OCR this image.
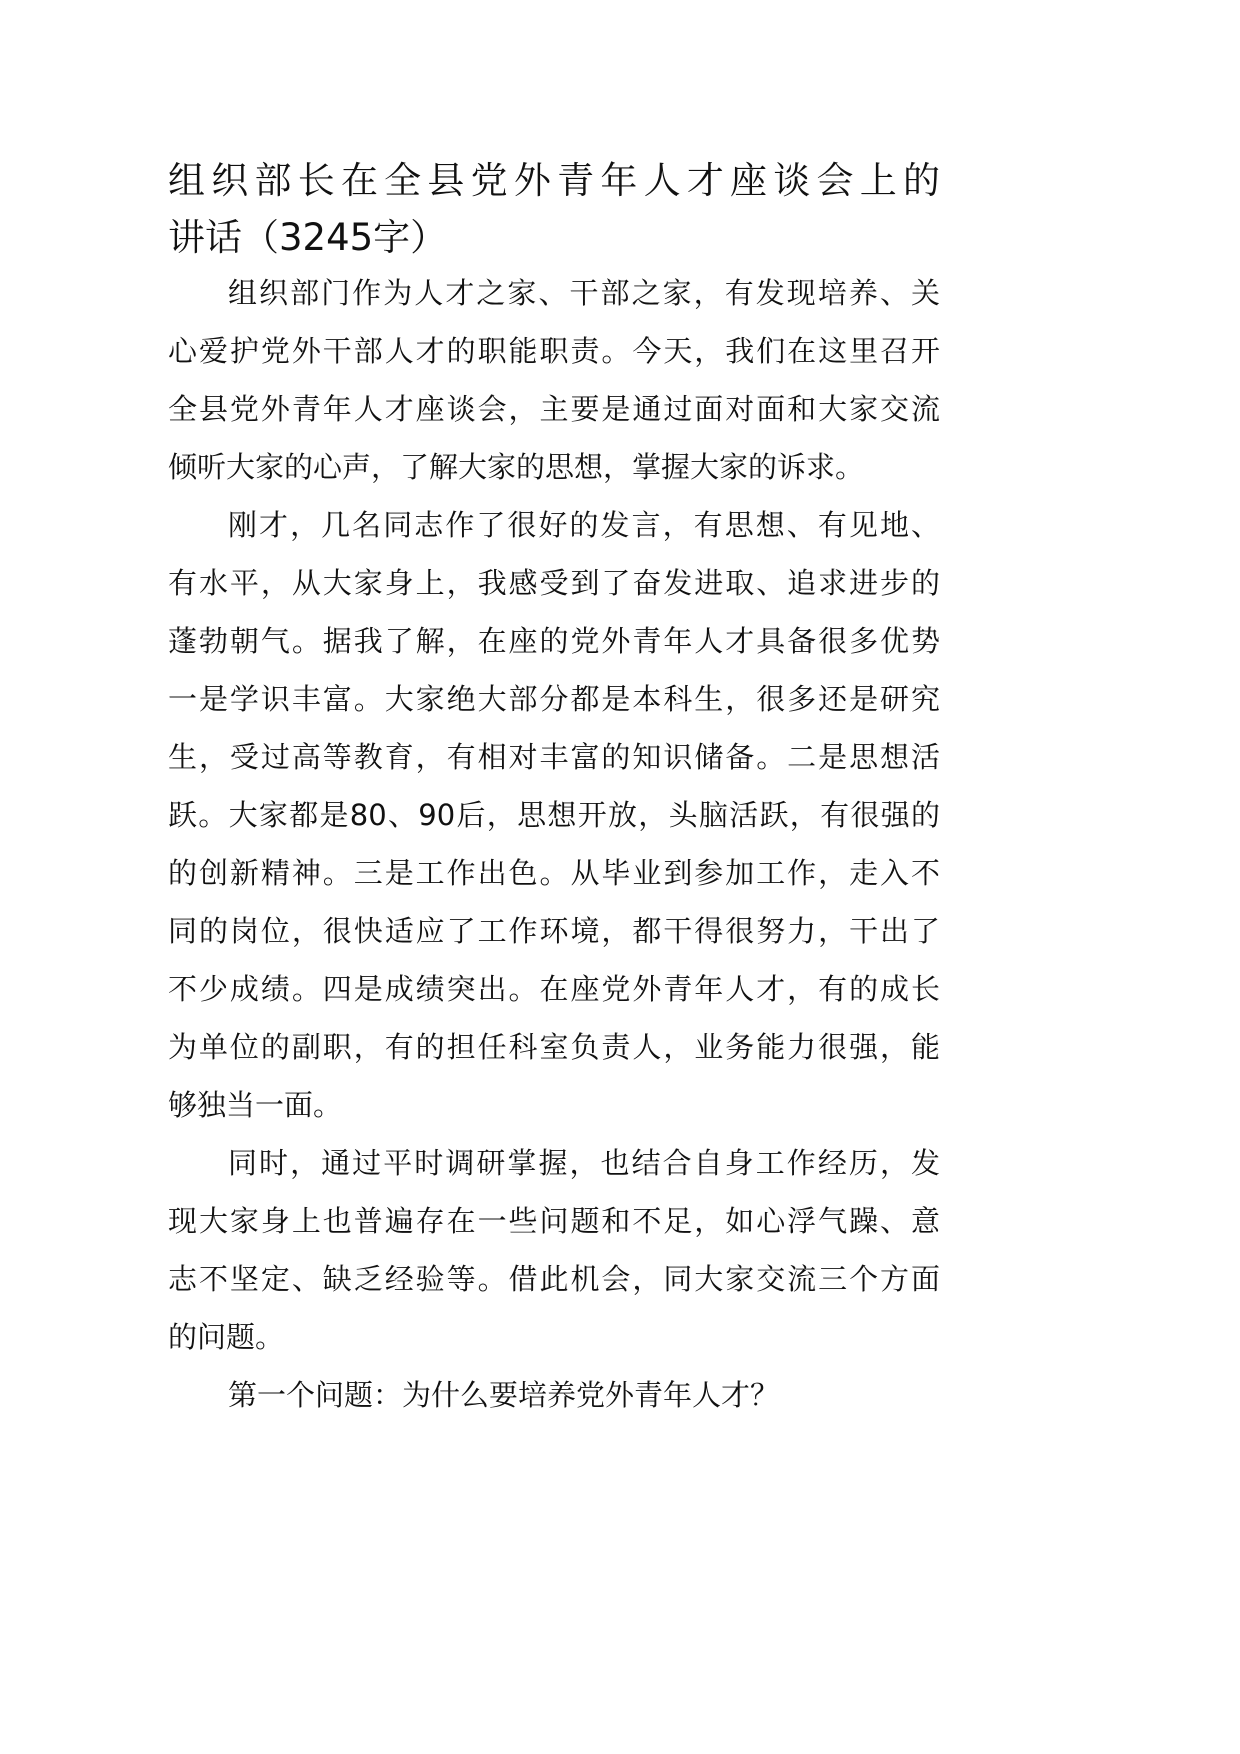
组织部长在全县党外青年人才座谈会上的
讲话（3245字）
组织部门作为人才之家、干部之家，有发现培养、关
心爱护党外干部人才的职能职责。今天，我们在这里召开
全县党外青年人才座谈会，主要是通过面对面和大家交流
倾听大家的心声，了解大家的思想，掌握大家的诉求。
刚才，几名同志作了很好的发言，有思想、有见地、
有水平，从大家身上，我感受到了奋发进取、追求进步的
蓬勃朝气。据我了解，在座的党外青年人才具备很多优势
一是学识丰富。大家绝大部分都是本科生，很多还是研究
生，受过高等教育，有相对丰富的知识储备。二是思想活
跃。大家都是80、90后，思想开放，头脑活跃，有很强的
的创新精神。三是工作出色。从毕业到参加工作，走入不
同的岗位，很快适应了工作环境，都干得很努力，干出了
不少成绩。四是成绩突出。在座党外青年人才，有的成长
为单位的副职，有的担任科室负责人，业务能力很强，能
够独当一面。
同时，通过平时调研掌握，也结合自身工作经历，发
现大家身上也普遍存在一些问题和不足，如心浮气躁、意
志不坚定、缺乏经验等。借此机会，同大家交流三个方面
的问题。
第一个问题：为什么要培养党外青年人才？
